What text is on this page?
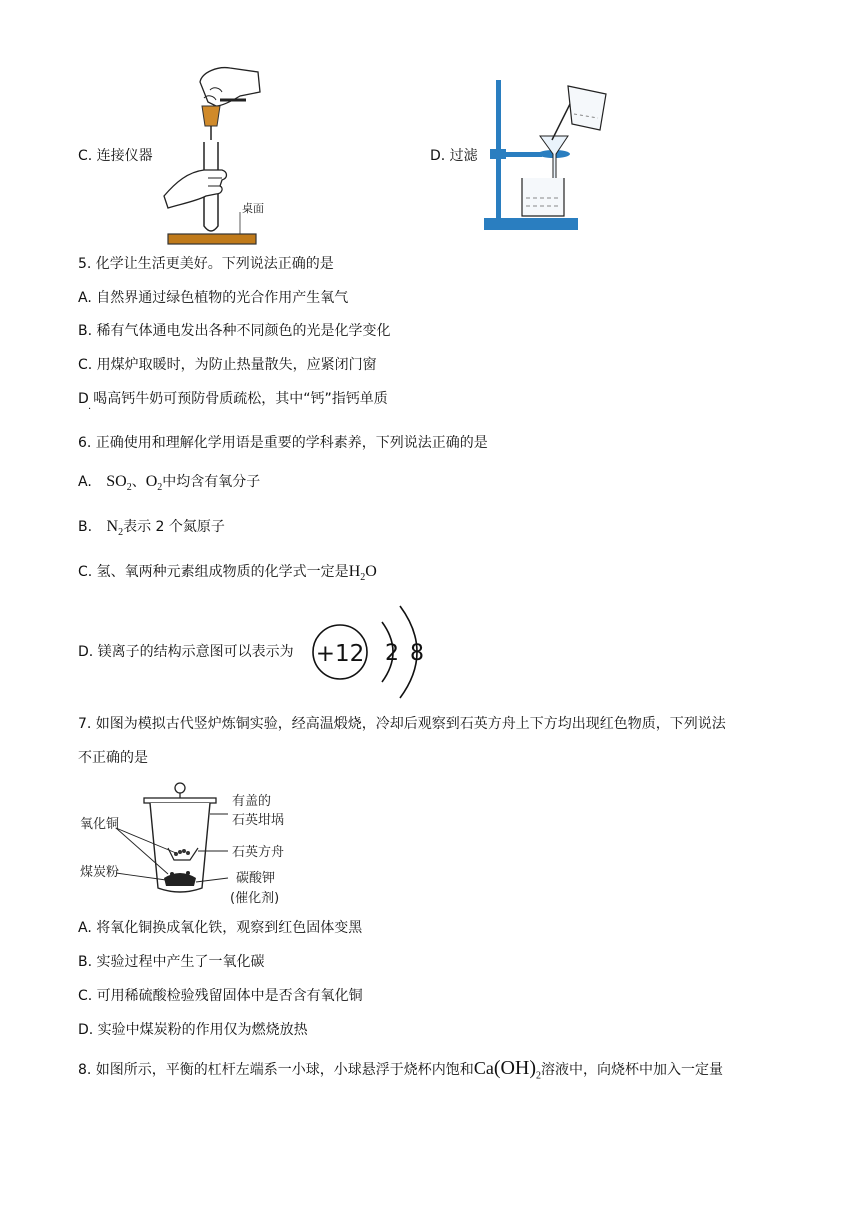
桌面
C. 连接仪器	D. 过滤
5. 化学让生活更美好。下列说法正确的是
A. 自然界通过绿色植物的光合作用产生氧气
B. 稀有气体通电发出各种不同颜色的光是化学变化
C. 用煤炉取暖时，为防止热量散失，应紧闭门窗
D 喝高钙牛奶可预防骨质疏松，其中“钙”指钙单质
·
6. 正确使用和理解化学用语是重要的学科素养，下列说法正确的是
A. $SO_2$、$O_2$中均含有氧分子
B. $N_2$表示 2 个氮原子
C. 氢、氧两种元素组成物质的化学式一定是$H_2O$
D. 镁离子的结构示意图可以表示为 +12 2 8
7. 如图为模拟古代竖炉炼铜实验，经高温煅烧，冷却后观察到石英方舟上下方均出现红色物质，下列说法
不正确的是
氧化铜
煤炭粉
有盖的
石英坩埚
石英方舟
碳酸钾
(催化剂)
A. 将氧化铜换成氧化铁，观察到红色固体变黑
B. 实验过程中产生了一氧化碳
C. 可用稀硫酸检验残留固体中是否含有氧化铜
D. 实验中煤炭粉的作用仅为燃烧放热
8. 如图所示，平衡的杠杆左端系一小球，小球悬浮于烧杯内饱和$Ca(OH)_2$溶液中，向烧杯中加入一定量
